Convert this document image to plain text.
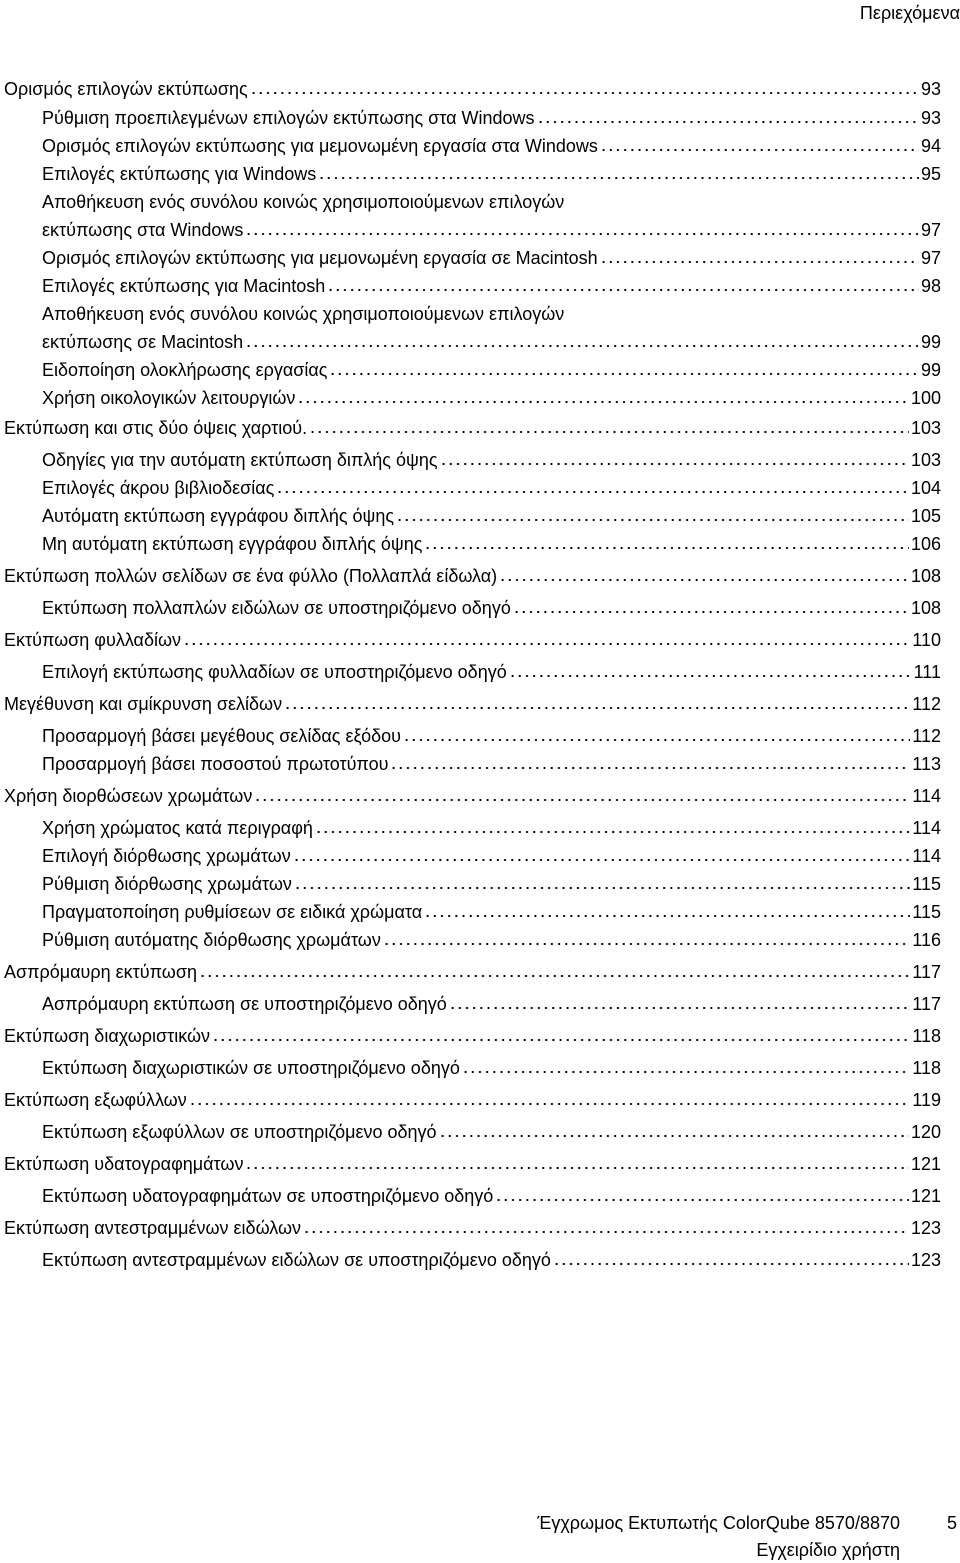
Περιεχόμενα
Ορισμός επιλογών εκτύπωσης	93
Ρύθμιση προεπιλεγμένων επιλογών εκτύπωσης στα Windows	93
Ορισμός επιλογών εκτύπωσης για μεμονωμένη εργασία στα Windows	94
Επιλογές εκτύπωσης για Windows	95
Αποθήκευση ενός συνόλου κοινώς χρησιμοποιούμενων επιλογών
εκτύπωσης στα Windows	97
Ορισμός επιλογών εκτύπωσης για μεμονωμένη εργασία σε Macintosh	97
Επιλογές εκτύπωσης για Macintosh	98
Αποθήκευση ενός συνόλου κοινώς χρησιμοποιούμενων επιλογών
εκτύπωσης σε Macintosh	99
Ειδοποίηση ολοκλήρωσης εργασίας	99
Χρήση οικολογικών λειτουργιών	100
Εκτύπωση και στις δύο όψεις χαρτιού.	103
Οδηγίες για την αυτόματη εκτύπωση διπλής όψης	103
Επιλογές άκρου βιβλιοδεσίας	104
Αυτόματη εκτύπωση εγγράφου διπλής όψης	105
Μη αυτόματη εκτύπωση εγγράφου διπλής όψης	106
Εκτύπωση πολλών σελίδων σε ένα φύλλο (Πολλαπλά είδωλα)	108
Εκτύπωση πολλαπλών ειδώλων σε υποστηριζόμενο οδηγό	108
Εκτύπωση φυλλαδίων	110
Επιλογή εκτύπωσης φυλλαδίων σε υποστηριζόμενο οδηγό	111
Μεγέθυνση και σμίκρυνση σελίδων	112
Προσαρμογή βάσει μεγέθους σελίδας εξόδου	112
Προσαρμογή βάσει ποσοστού πρωτοτύπου	113
Χρήση διορθώσεων χρωμάτων	114
Χρήση χρώματος κατά περιγραφή	114
Επιλογή διόρθωσης χρωμάτων	114
Ρύθμιση διόρθωσης χρωμάτων	115
Πραγματοποίηση ρυθμίσεων σε ειδικά χρώματα	115
Ρύθμιση αυτόματης διόρθωσης χρωμάτων	116
Ασπρόμαυρη εκτύπωση	117
Ασπρόμαυρη εκτύπωση σε υποστηριζόμενο οδηγό	117
Εκτύπωση διαχωριστικών	118
Εκτύπωση διαχωριστικών σε υποστηριζόμενο οδηγό	118
Εκτύπωση εξωφύλλων	119
Εκτύπωση εξωφύλλων σε υποστηριζόμενο οδηγό	120
Εκτύπωση υδατογραφημάτων	121
Εκτύπωση υδατογραφημάτων σε υποστηριζόμενο οδηγό	121
Εκτύπωση αντεστραμμένων ειδώλων	123
Εκτύπωση αντεστραμμένων ειδώλων σε υποστηριζόμενο οδηγό	123
Έγχρωμος Εκτυπωτής ColorQube 8570/8870
Εγχειρίδιο χρήστη
5
